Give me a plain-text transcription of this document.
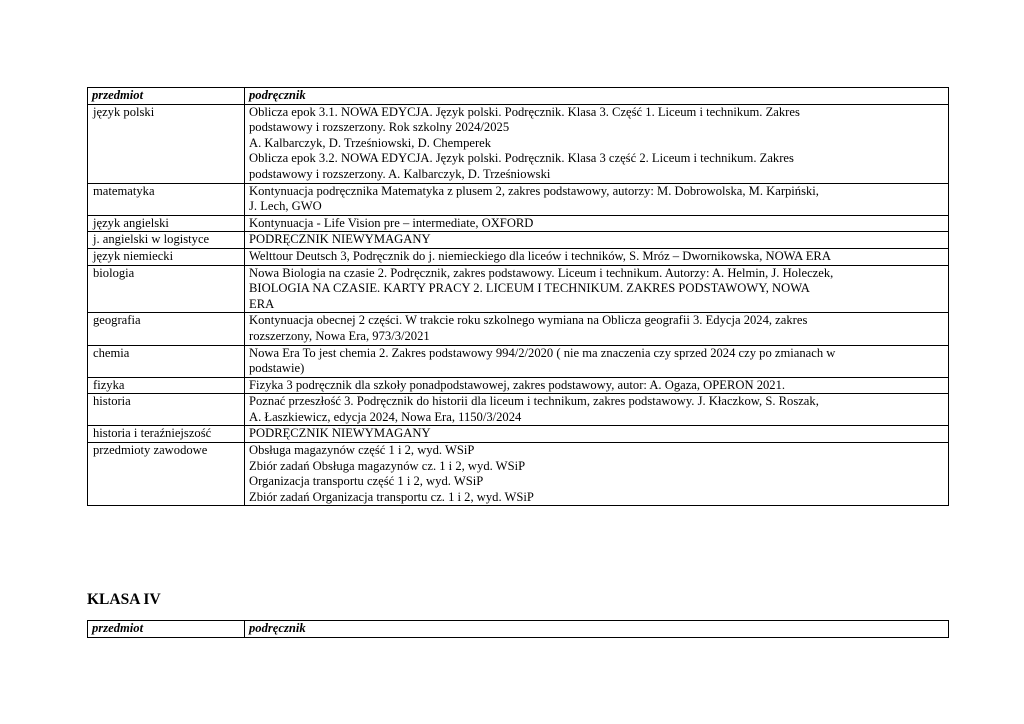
przedmiot	podręcznik
język polski	Oblicza epok 3.1. NOWA EDYCJA. Język polski. Podręcznik. Klasa 3. Część 1. Liceum i technikum. Zakres
podstawowy i rozszerzony. Rok szkolny 2024/2025
A. Kalbarczyk, D. Trześniowski, D. Chemperek
Oblicza epok 3.2. NOWA EDYCJA. Język polski. Podręcznik. Klasa 3 część 2. Liceum i technikum. Zakres
podstawowy i rozszerzony. A. Kalbarczyk, D. Trześniowski

matematyka	Kontynuacja podręcznika Matematyka z plusem 2, zakres podstawowy, autorzy: M. Dobrowolska, M. Karpiński,
J. Lech, GWO

język angielski	Kontynuacja - Life Vision pre – intermediate, OXFORD

j. angielski w logistyce	PODRĘCZNIK NIEWYMAGANY

język niemiecki	Welttour Deutsch 3, Podręcznik do j. niemieckiego dla liceów i techników, S. Mróz – Dwornikowska, NOWA ERA

biologia	Nowa Biologia na czasie 2. Podręcznik, zakres podstawowy. Liceum i technikum. Autorzy: A. Helmin, J. Holeczek,
BIOLOGIA NA CZASIE. KARTY PRACY 2. LICEUM I TECHNIKUM. ZAKRES PODSTAWOWY, NOWA
ERA

geografia	Kontynuacja obecnej 2 części. W trakcie roku szkolnego wymiana na Oblicza geografii 3. Edycja 2024, zakres
rozszerzony, Nowa Era, 973/3/2021

chemia	Nowa Era To jest chemia 2. Zakres podstawowy 994/2/2020 ( nie ma znaczenia czy sprzed 2024 czy po zmianach w
podstawie)

fizyka	Fizyka 3 podręcznik dla szkoły ponadpodstawowej, zakres podstawowy, autor: A. Ogaza, OPERON 2021.

historia	Poznać przeszłość 3. Podręcznik do historii dla liceum i technikum, zakres podstawowy. J. Kłaczkow, S. Roszak,
A. Łaszkiewicz, edycja 2024, Nowa Era, 1150/3/2024

historia i teraźniejszość	PODRĘCZNIK NIEWYMAGANY

przedmioty zawodowe	Obsługa magazynów część 1 i 2, wyd. WSiP
Zbiór zadań Obsługa magazynów cz. 1 i 2, wyd. WSiP
Organizacja transportu część 1 i 2, wyd. WSiP
Zbiór zadań Organizacja transportu cz. 1 i 2, wyd. WSiP
KLASA IV
przedmiot	podręcznik
